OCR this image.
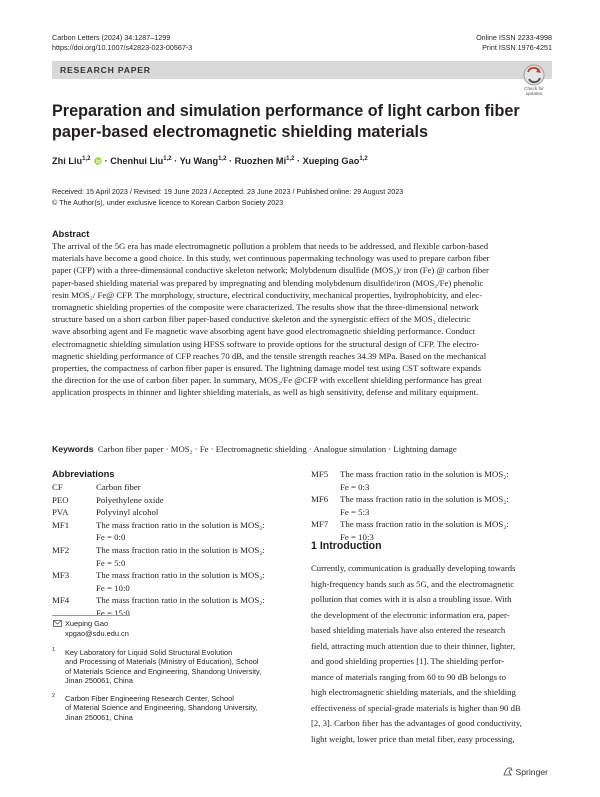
Carbon Letters (2024) 34:1287–1299
https://doi.org/10.1007/s42823-023-00567-3
Online ISSN 2233-4998
Print ISSN 1976-4251
RESEARCH PAPER
Check for
updates
Preparation and simulation performance of light carbon fiber
paper-based electromagnetic shielding materials
Zhi Liu$^{1,2}$  · Chenhui Liu$^{1,2}$ · Yu Wang$^{1,2}$ · Ruozhen Mi$^{1,2}$ · Xueping Gao$^{1,2}$
Received: 15 April 2023 / Revised: 19 June 2023 / Accepted: 23 June 2023 / Published online: 29 August 2023
© The Author(s), under exclusive licence to Korean Carbon Society 2023
Abstract
The arrival of the 5G era has made electromagnetic pollution a problem that needs to be addressed, and flexible carbon-based
materials have become a good choice. In this study, wet continuous papermaking technology was used to prepare carbon fiber
paper (CFP) with a three-dimensional conductive skeleton network; Molybdenum disulfide (MOS₂)/ iron (Fe) @ carbon fiber
paper-based shielding material was prepared by impregnating and blending molybdenum disulfide/iron (MOS₂/Fe) phenolic
resin MOS₂/ Fe@ CFP. The morphology, structure, electrical conductivity, mechanical properties, hydrophobicity, and elec-
tromagnetic shielding properties of the composite were characterized. The results show that the three-dimensional network
structure based on a short carbon fiber paper-based conductive skeleton and the synergistic effect of the MOS₂ dielectric
wave absorbing agent and Fe magnetic wave absorbing agent have good electromagnetic shielding performance. Conduct
electromagnetic shielding simulation using HFSS software to provide options for the structural design of CFP. The electro-
magnetic shielding performance of CFP reaches 70 dB, and the tensile strength reaches 34.39 MPa. Based on the mechanical
properties, the compactness of carbon fiber paper is ensured. The lightning damage model test using CST software expands
the direction for the use of carbon fiber paper. In summary, MOS₂/Fe @CFP with excellent shielding performance has great
application prospects in thinner and lighter shielding materials, as well as high sensitivity, defense and military equipment.
Keywords Carbon fiber paper · MOS₂ · Fe · Electromagnetic shielding · Analogue simulation · Lightning damage
Abbreviations
CF	Carbon fiber
PEO	Polyethylene oxide
PVA	Polyvinyl alcohol
MF1	The mass fraction ratio in the solution is MOS₂:
Fe = 0:0
MF2	The mass fraction ratio in the solution is MOS₂:
Fe = 5:0
MF3	The mass fraction ratio in the solution is MOS₂:
Fe = 10:0
MF4	The mass fraction ratio in the solution is MOS₂:
Fe = 15:0
MF5	The mass fraction ratio in the solution is MOS₂:
Fe = 0:3
MF6	The mass fraction ratio in the solution is MOS₂:
Fe = 5:3
MF7	The mass fraction ratio in the solution is MOS₂:
Fe = 10:3
Xueping Gao
xpgao@sdu.edu.cn
1 Key Laboratory for Liquid Solid Structural Evolution
and Processing of Materials (Ministry of Education), School
of Materials Science and Engineering, Shandong University,
Jinan 250061, China
2 Carbon Fiber Engineering Research Center, School
of Material Science and Engineering, Shandong University,
Jinan 250061, China
1 Introduction
Currently, communication is gradually developing towards
high-frequency bands such as 5G, and the electromagnetic
pollution that comes with it is also a troubling issue. With
the development of the electronic information era, paper-
based shielding materials have also entered the research
field, attracting much attention due to their thinner, lighter,
and good shielding properties [1]. The shielding perfor-
mance of materials ranging from 60 to 90 dB belongs to
high electromagnetic shielding materials, and the shielding
effectiveness of special-grade materials is higher than 90 dB
[2, 3]. Carbon fiber has the advantages of good conductivity,
light weight, lower price than metal fiber, easy processing,
Springer
